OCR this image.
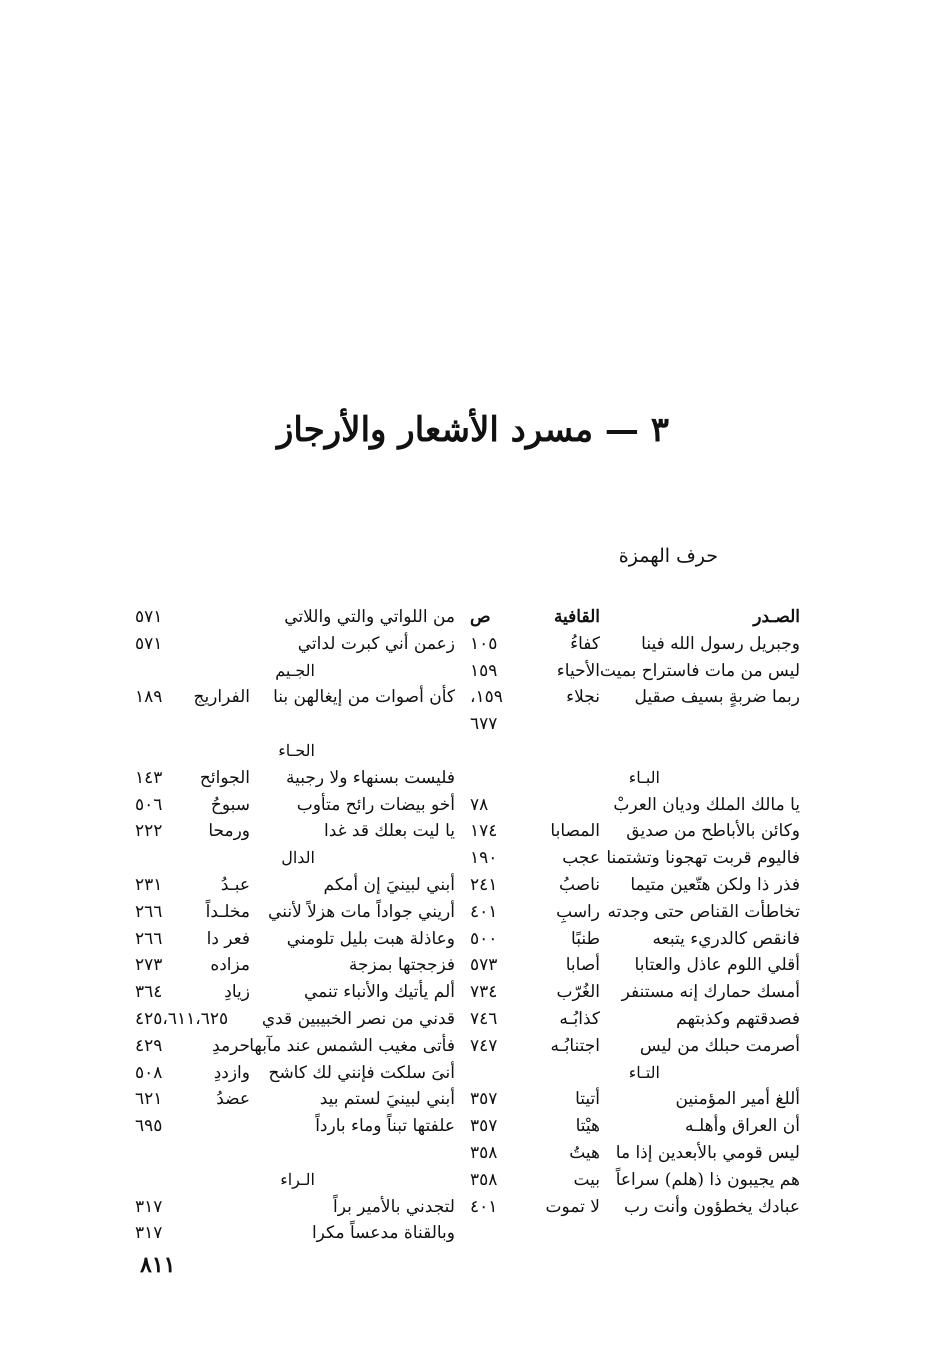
٣ — مسرد الأشعار والأرجاز
حرف الهمزة
الصـدر
القافية
ص
وجبريل رسول الله فينا
كفاءُ
١٠٥
ليس من مات فاستراح بميت
الأحياء
١٥٩
ربما ضربةٍ بسيف صقيل
نجلاء
١٥٩،
٦٧٧
البـاء
يا مالك الملك وديان العربْ
٧٨
وكائن بالأباطح من صديق
المصابا
١٧٤
فاليوم قربت تهجونا وتشتمنا
عجب
١٩٠
فذر ذا ولكن هتّعين متيما
ناصبُ
٢٤١
تخاطأت القناص حتى وجدته
راسبِ
٤٠١
فانقص كالدريء يتبعه
طنبًا
٥٠٠
أقلي اللوم عاذل والعتابا
أصابا
٥٧٣
أمسك حمارك إنه مستنفر
الغُرّب
٧٣٤
فصدقتهم وكذبتهم
كذابُـه
٧٤٦
أصرمت حبلك من ليس
اجتنابُـه
٧٤٧
التـاء
أللغ أمير المؤمنين
أتيتا
٣٥٧
أن العراق وأهلـه
هيْتا
٣٥٧
ليس قومي بالأبعدين إذا ما
هيتُ
٣٥٨
هم يجيبون ذا (هلم) سراعاً
بيت
٣٥٨
عبادك يخطؤون وأنت رب
لا تموت
٤٠١
من اللواتي والتي واللاتي
٥٧١
زعمن أني كبرت لداتي
٥٧١
الجـيم
كأن أصوات من إيغالهن بنا
الفراريج
١٨٩
الحـاء
فليست بسنهاء ولا رجبية
الجوائح
١٤٣
أخو بيضات رائح متأوب
سبوحُ
٥٠٦
يا ليت بعلك قد غدا
ورمحا
٢٢٢
الدال
أبني لبينيَ إن أمكم
عبـدُ
٢٣١
أريني جواداً مات هزلاً لأنني
مخلـداً
٢٦٦
وعاذلة هبت بليل تلومني
فعر دا
٢٦٦
فزججتها بمزجة
مزاده
٢٧٣
ألم يأتيك والأنباء تنمي
زيادِ
٣٦٤
قدني من نصر الخبيبين قدي
٤٢٥،٦١١،٦٢٥
فأتى مغيب الشمس عند مآبها
حرمدِ
٤٢٩
أنىَ سلكت فإنني لك كاشح
وازددِ
٥٠٨
أبني لبينيَ لستم بيد
عضدُ
٦٢١
علفتها تبناً وماء بارداً
٦٩٥
الـراء
لتجدني بالأمير براً
٣١٧
وبالقناة مدعساً مكرا
٣١٧
٨١١
